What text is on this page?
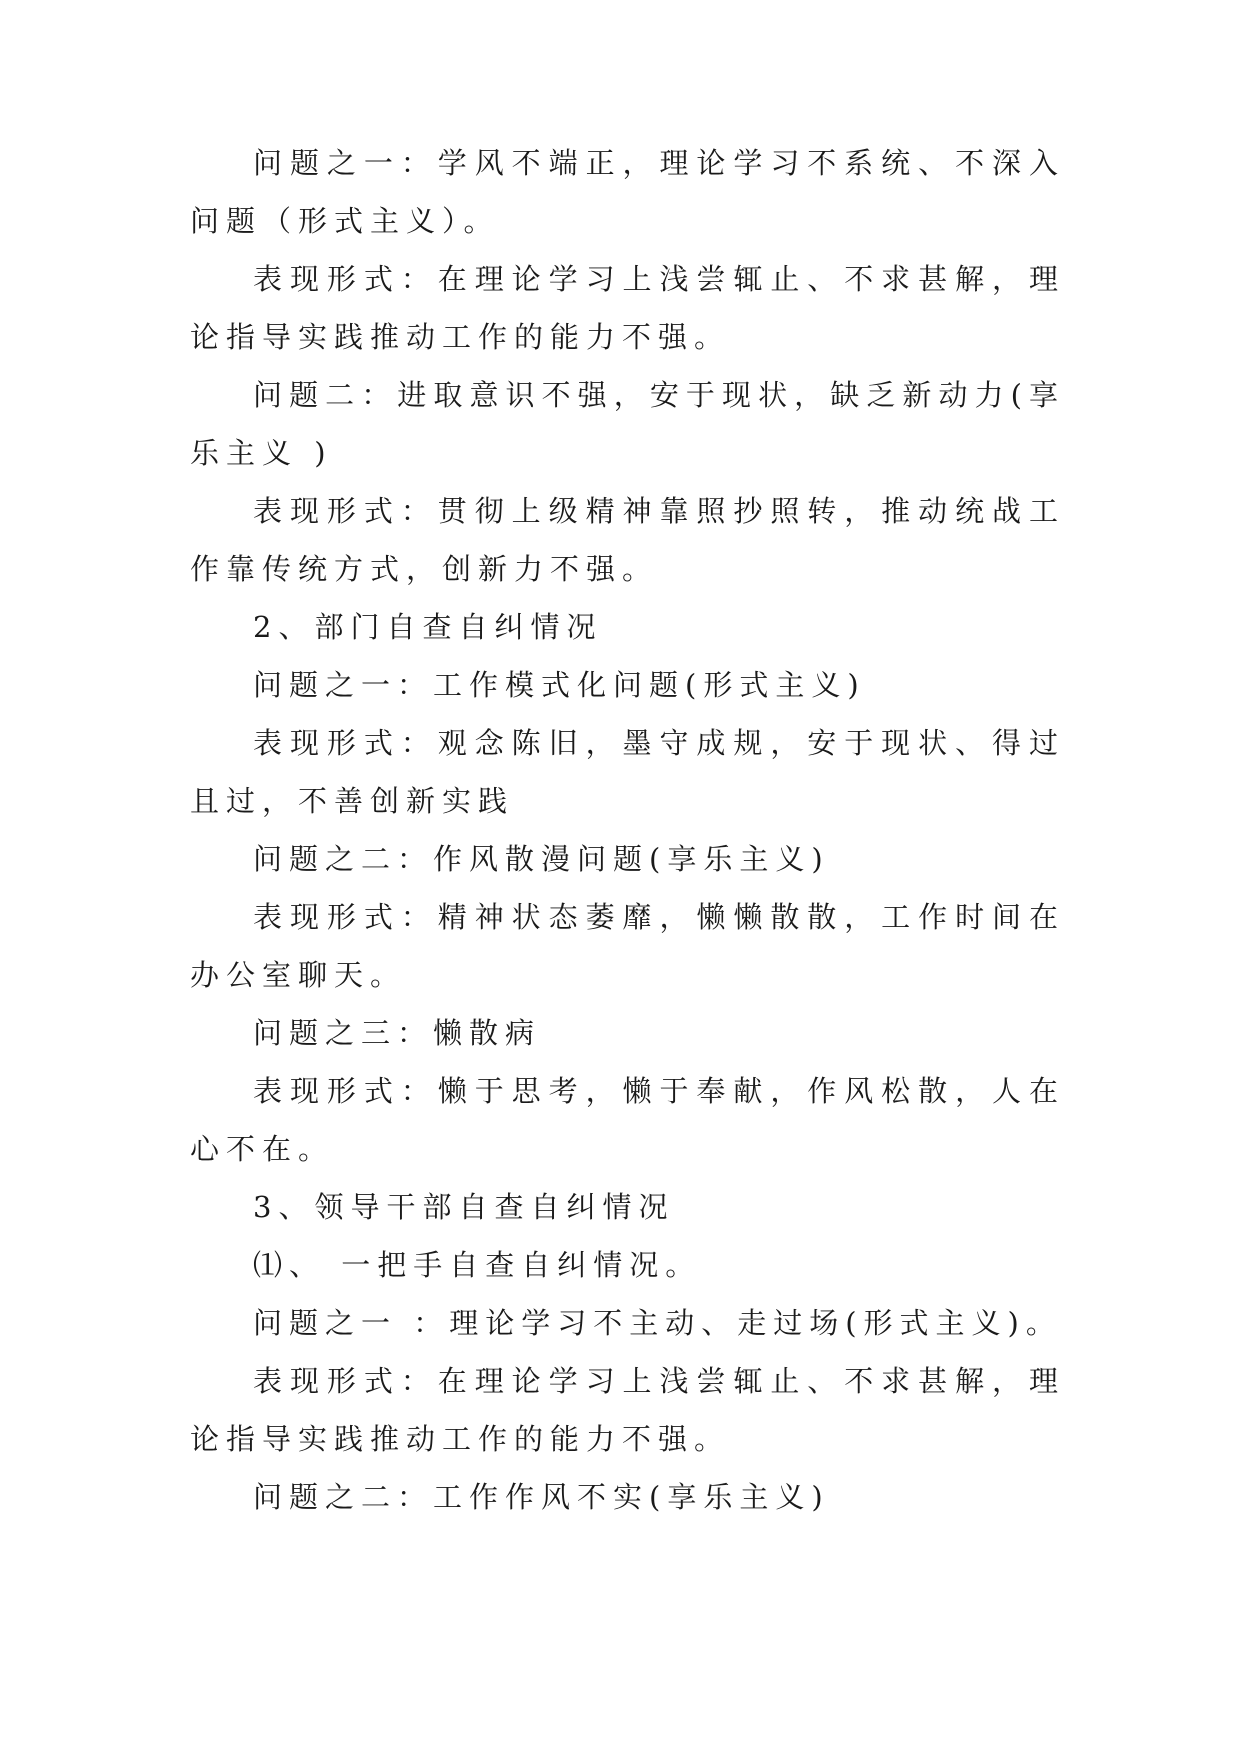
问题之一：学风不端正，理论学习不系统、不深入问题（形式主义）。

表现形式：在理论学习上浅尝辄止、不求甚解，理论指导实践推动工作的能力不强。

问题二：进取意识不强，安于现状，缺乏新动力(享乐主义 )

表现形式：贯彻上级精神靠照抄照转，推动统战工作靠传统方式，创新力不强。

2、部门自查自纠情况

问题之一：工作模式化问题(形式主义)

表现形式：观念陈旧，墨守成规，安于现状、得过且过，不善创新实践

问题之二：作风散漫问题(享乐主义)

表现形式：精神状态萎靡，懒懒散散，工作时间在办公室聊天。

问题之三：懒散病

表现形式：懒于思考，懒于奉献，作风松散，人在心不在。

3、领导干部自查自纠情况

⑴、 一把手自查自纠情况。

问题之一 ：理论学习不主动、走过场(形式主义)。

表现形式：在理论学习上浅尝辄止、不求甚解，理论指导实践推动工作的能力不强。

问题之二：工作作风不实(享乐主义)
